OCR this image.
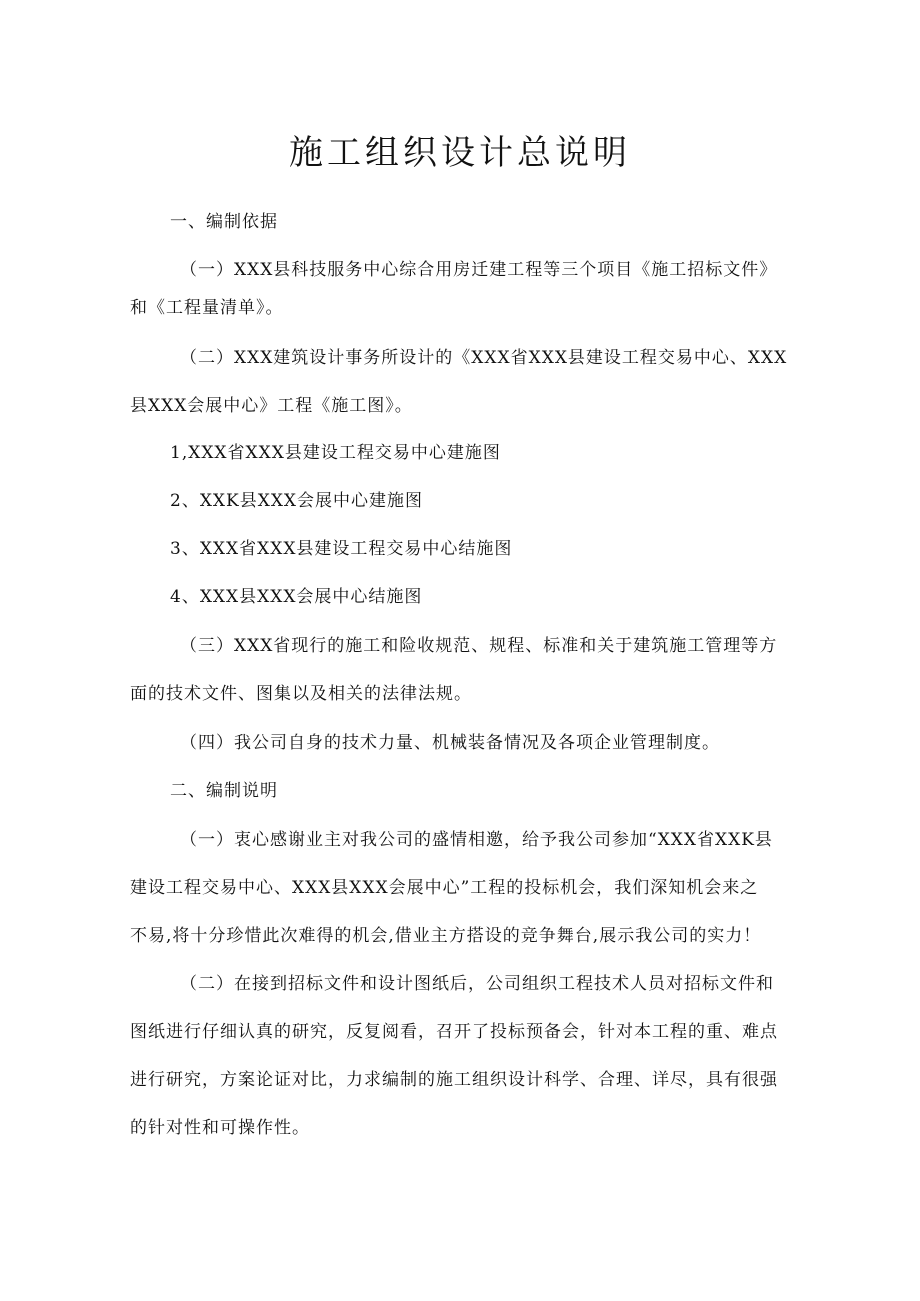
施工组织设计总说明
一、编制依据
（一）XXX县科技服务中心综合用房迁建工程等三个项目《施工招标文件》
和《工程量清单》。
（二）XXX建筑设计事务所设计的《XXX省XXX县建设工程交易中心、XXX
县XXX会展中心》工程《施工图》。
1,XXX省XXX县建设工程交易中心建施图
2、XXK县XXX会展中心建施图
3、XXX省XXX县建设工程交易中心结施图
4、XXX县XXX会展中心结施图
（三）XXX省现行的施工和险收规范、规程、标准和关于建筑施工管理等方
面的技术文件、图集以及相关的法律法规。
（四）我公司自身的技术力量、机械装备情况及各项企业管理制度。
二、编制说明
（一）衷心感谢业主对我公司的盛情相邀，给予我公司参加“XXX省XXK县
建设工程交易中心、XXX县XXX会展中心”工程的投标机会，我们深知机会来之
不易,将十分珍惜此次难得的机会,借业主方搭设的竞争舞台,展示我公司的实力！
（二）在接到招标文件和设计图纸后，公司组织工程技术人员对招标文件和
图纸进行仔细认真的研究，反复阅看，召开了投标预备会，针对本工程的重、难点
进行研究，方案论证对比，力求编制的施工组织设计科学、合理、详尽，具有很强
的针对性和可操作性。
